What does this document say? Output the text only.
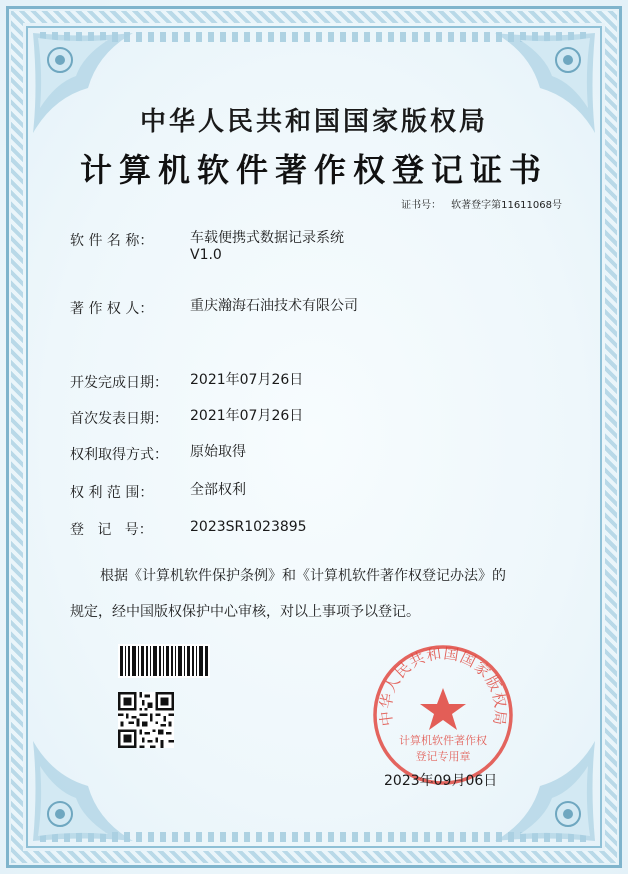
中华人民共和国国家版权局
计算机软件著作权登记证书
证书号： 软著登字第11611068号
软 件 名 称：	车载便携式数据记录系统
V1.0
著 作 权 人：	重庆瀚海石油技术有限公司
开发完成日期：	2021年07月26日
首次发表日期：	2021年07月26日
权利取得方式：	原始取得
权 利 范 围：	全部权利
登   记   号：	2023SR1023895
根据《计算机软件保护条例》和《计算机软件著作权登记办法》的
规定，经中国版权保护中心审核，对以上事项予以登记。
中华人民共和国国家版权局
计算机软件著作权
登记专用章
2023年09月06日
